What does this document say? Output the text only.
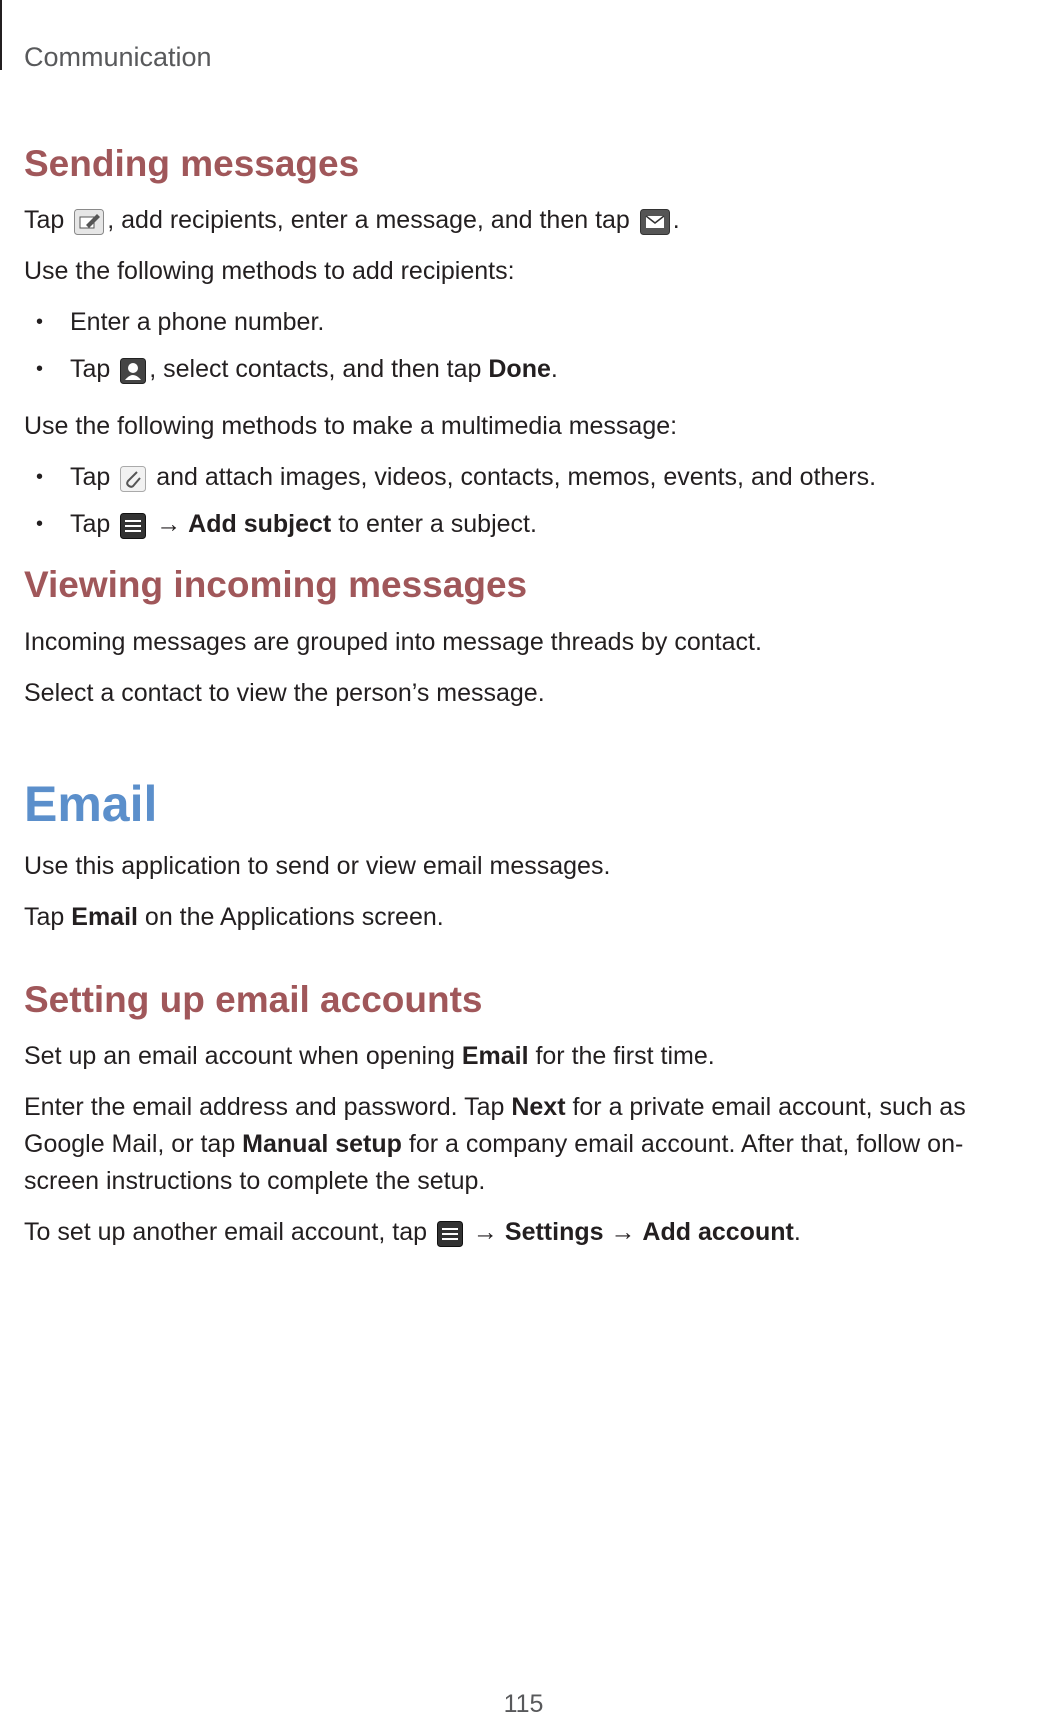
Communication
Sending messages

Tap
, add recipients, enter a message, and then tap
.

Use the following methods to add recipients:

• Enter a phone number.
• Tap
, select contacts, and then tap Done.

Use the following methods to make a multimedia message:

• Tap
and attach images, videos, contacts, memos, events, and others.
• Tap
→ Add subject to enter a subject.
Viewing incoming messages

Incoming messages are grouped into message threads by contact.

Select a contact to view the person’s message.

Email

Use this application to send or view email messages.

Tap Email on the Applications screen.

Setting up email accounts

Set up an email account when opening Email for the first time.

Enter the email address and password. Tap Next for a private email account, such as Google Mail, or tap Manual setup for a company email account. After that, follow on-screen instructions to complete the setup.

To set up another email account, tap
→ Settings → Add account.

115
